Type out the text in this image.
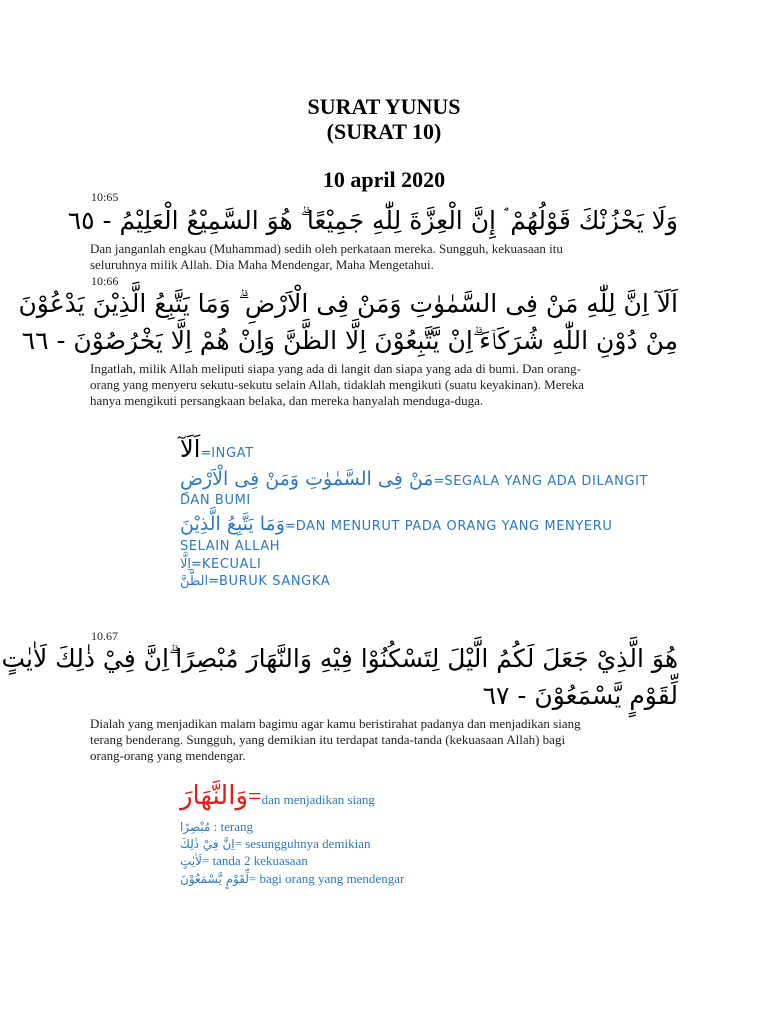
SURAT YUNUS
(SURAT 10)
10 april 2020
10:65
وَلَا يَحْزُنْكَ قَوْلُهُمْ ۘ إِنَّ الْعِزَّةَ لِلّٰهِ جَمِيْعًا ۗ هُوَ السَّمِيْعُ الْعَلِيْمُ - ٦٥
Dan janganlah engkau (Muhammad) sedih oleh perkataan mereka. Sungguh, kekuasaan itu
seluruhnya milik Allah. Dia Maha Mendengar, Maha Mengetahui.
10:66
اَلَآ اِنَّ لِلّٰهِ مَنْ فِى السَّمٰوٰتِ وَمَنْ فِى الْاَرْضِ ۗ وَمَا يَتَّبِعُ الَّذِيْنَ يَدْعُوْنَ
مِنْ دُوْنِ اللّٰهِ شُرَكَاۤءَ ۗاِنْ يَّتَّبِعُوْنَ اِلَّا الظَّنَّ وَاِنْ هُمْ اِلَّا يَخْرُصُوْنَ - ٦٦
Ingatlah, milik Allah meliputi siapa yang ada di langit dan siapa yang ada di bumi. Dan orang-
orang yang menyeru sekutu-sekutu selain Allah, tidaklah mengikuti (suatu keyakinan). Mereka
hanya mengikuti persangkaan belaka, dan mereka hanyalah menduga-duga.
اَلَآ=INGAT
مَنْ فِى السَّمٰوٰتِ وَمَنْ فِى الْاَرْضِ=SEGALA YANG ADA DILANGIT
DAN BUMI
وَمَا يَتَّبِعُ الَّذِيْنَ=DAN MENURUT PADA ORANG YANG MENYERU
SELAIN ALLAH
اِلَّا=KECUALI
الظَّنَّ=BURUK SANGKA
10.67
هُوَ الَّذِيْ جَعَلَ لَكُمُ الَّيْلَ لِتَسْكُنُوْا فِيْهِ وَالنَّهَارَ مُبْصِرًا ۗاِنَّ فِيْ ذٰلِكَ لَاٰيٰتٍ
لِّقَوْمٍ يَّسْمَعُوْنَ - ٦٧
Dialah yang menjadikan malam bagimu agar kamu beristirahat padanya dan menjadikan siang
terang benderang. Sungguh, yang demikian itu terdapat tanda-tanda (kekuasaan Allah) bagi
orang-orang yang mendengar.
وَالنَّهَارَ=dan menjadikan siang
مُبْصِرًا : terang
اِنَّ فِيْ ذٰلِكَ= sesungguhnya demikian
لَاٰيٰتٍ= tanda 2 kekuasaan
لِّقَوْمٍ يَّسْمَعُوْنَ= bagi orang yang mendengar
